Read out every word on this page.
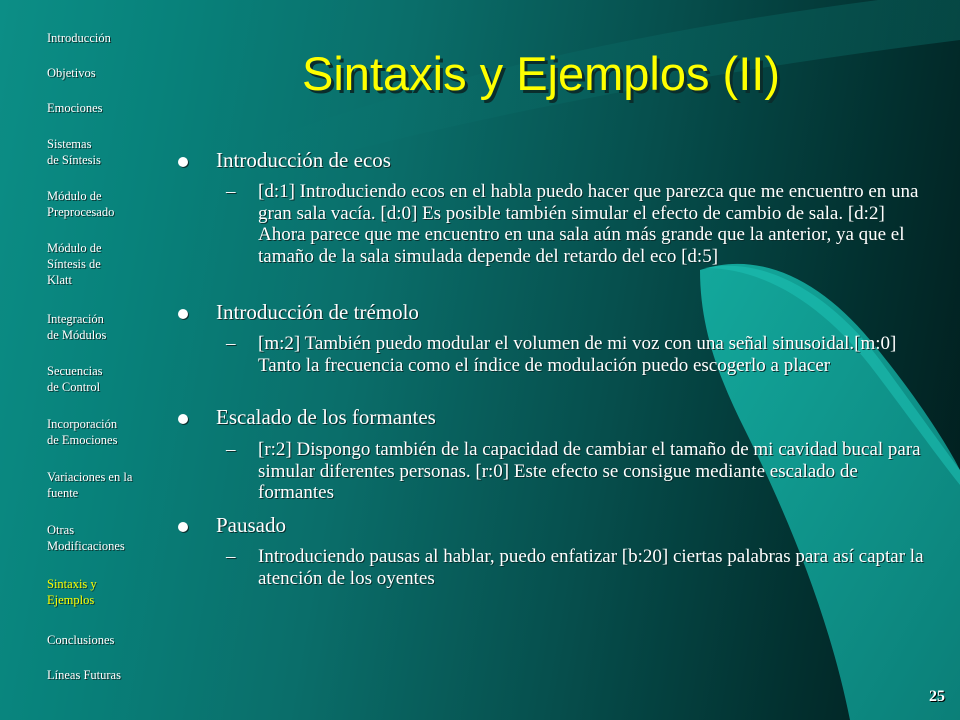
Introducción
Objetivos
Emociones
Sistemas
de Síntesis
Módulo de
Preprocesado
Módulo de
Síntesis de
Klatt
Integración
de Módulos
Secuencias
de Control
Incorporación
de Emociones
Variaciones en la
fuente
Otras
Modificaciones
Sintaxis y
Ejemplos
Conclusiones
Líneas Futuras
Sintaxis y Ejemplos (II)
Introducción de ecos
– [d:1] Introduciendo ecos en el habla puedo hacer que parezca que me encuentro en una gran sala vacía. [d:0] Es posible también simular el efecto de cambio de sala. [d:2] Ahora parece que me encuentro en una sala aún más grande que la anterior, ya que el tamaño de la sala simulada depende del retardo del eco [d:5]
Introducción de trémolo
– [m:2] También puedo modular el volumen de mi voz con una señal sinusoidal.[m:0] Tanto la frecuencia como el índice de modulación puedo escogerlo a placer
Escalado de los formantes
– [r:2] Dispongo también de la capacidad de cambiar el tamaño de mi cavidad bucal para simular diferentes personas. [r:0] Este efecto se consigue mediante escalado de formantes
Pausado
– Introduciendo pausas al hablar, puedo enfatizar [b:20] ciertas palabras para así captar la atención de los oyentes
25
